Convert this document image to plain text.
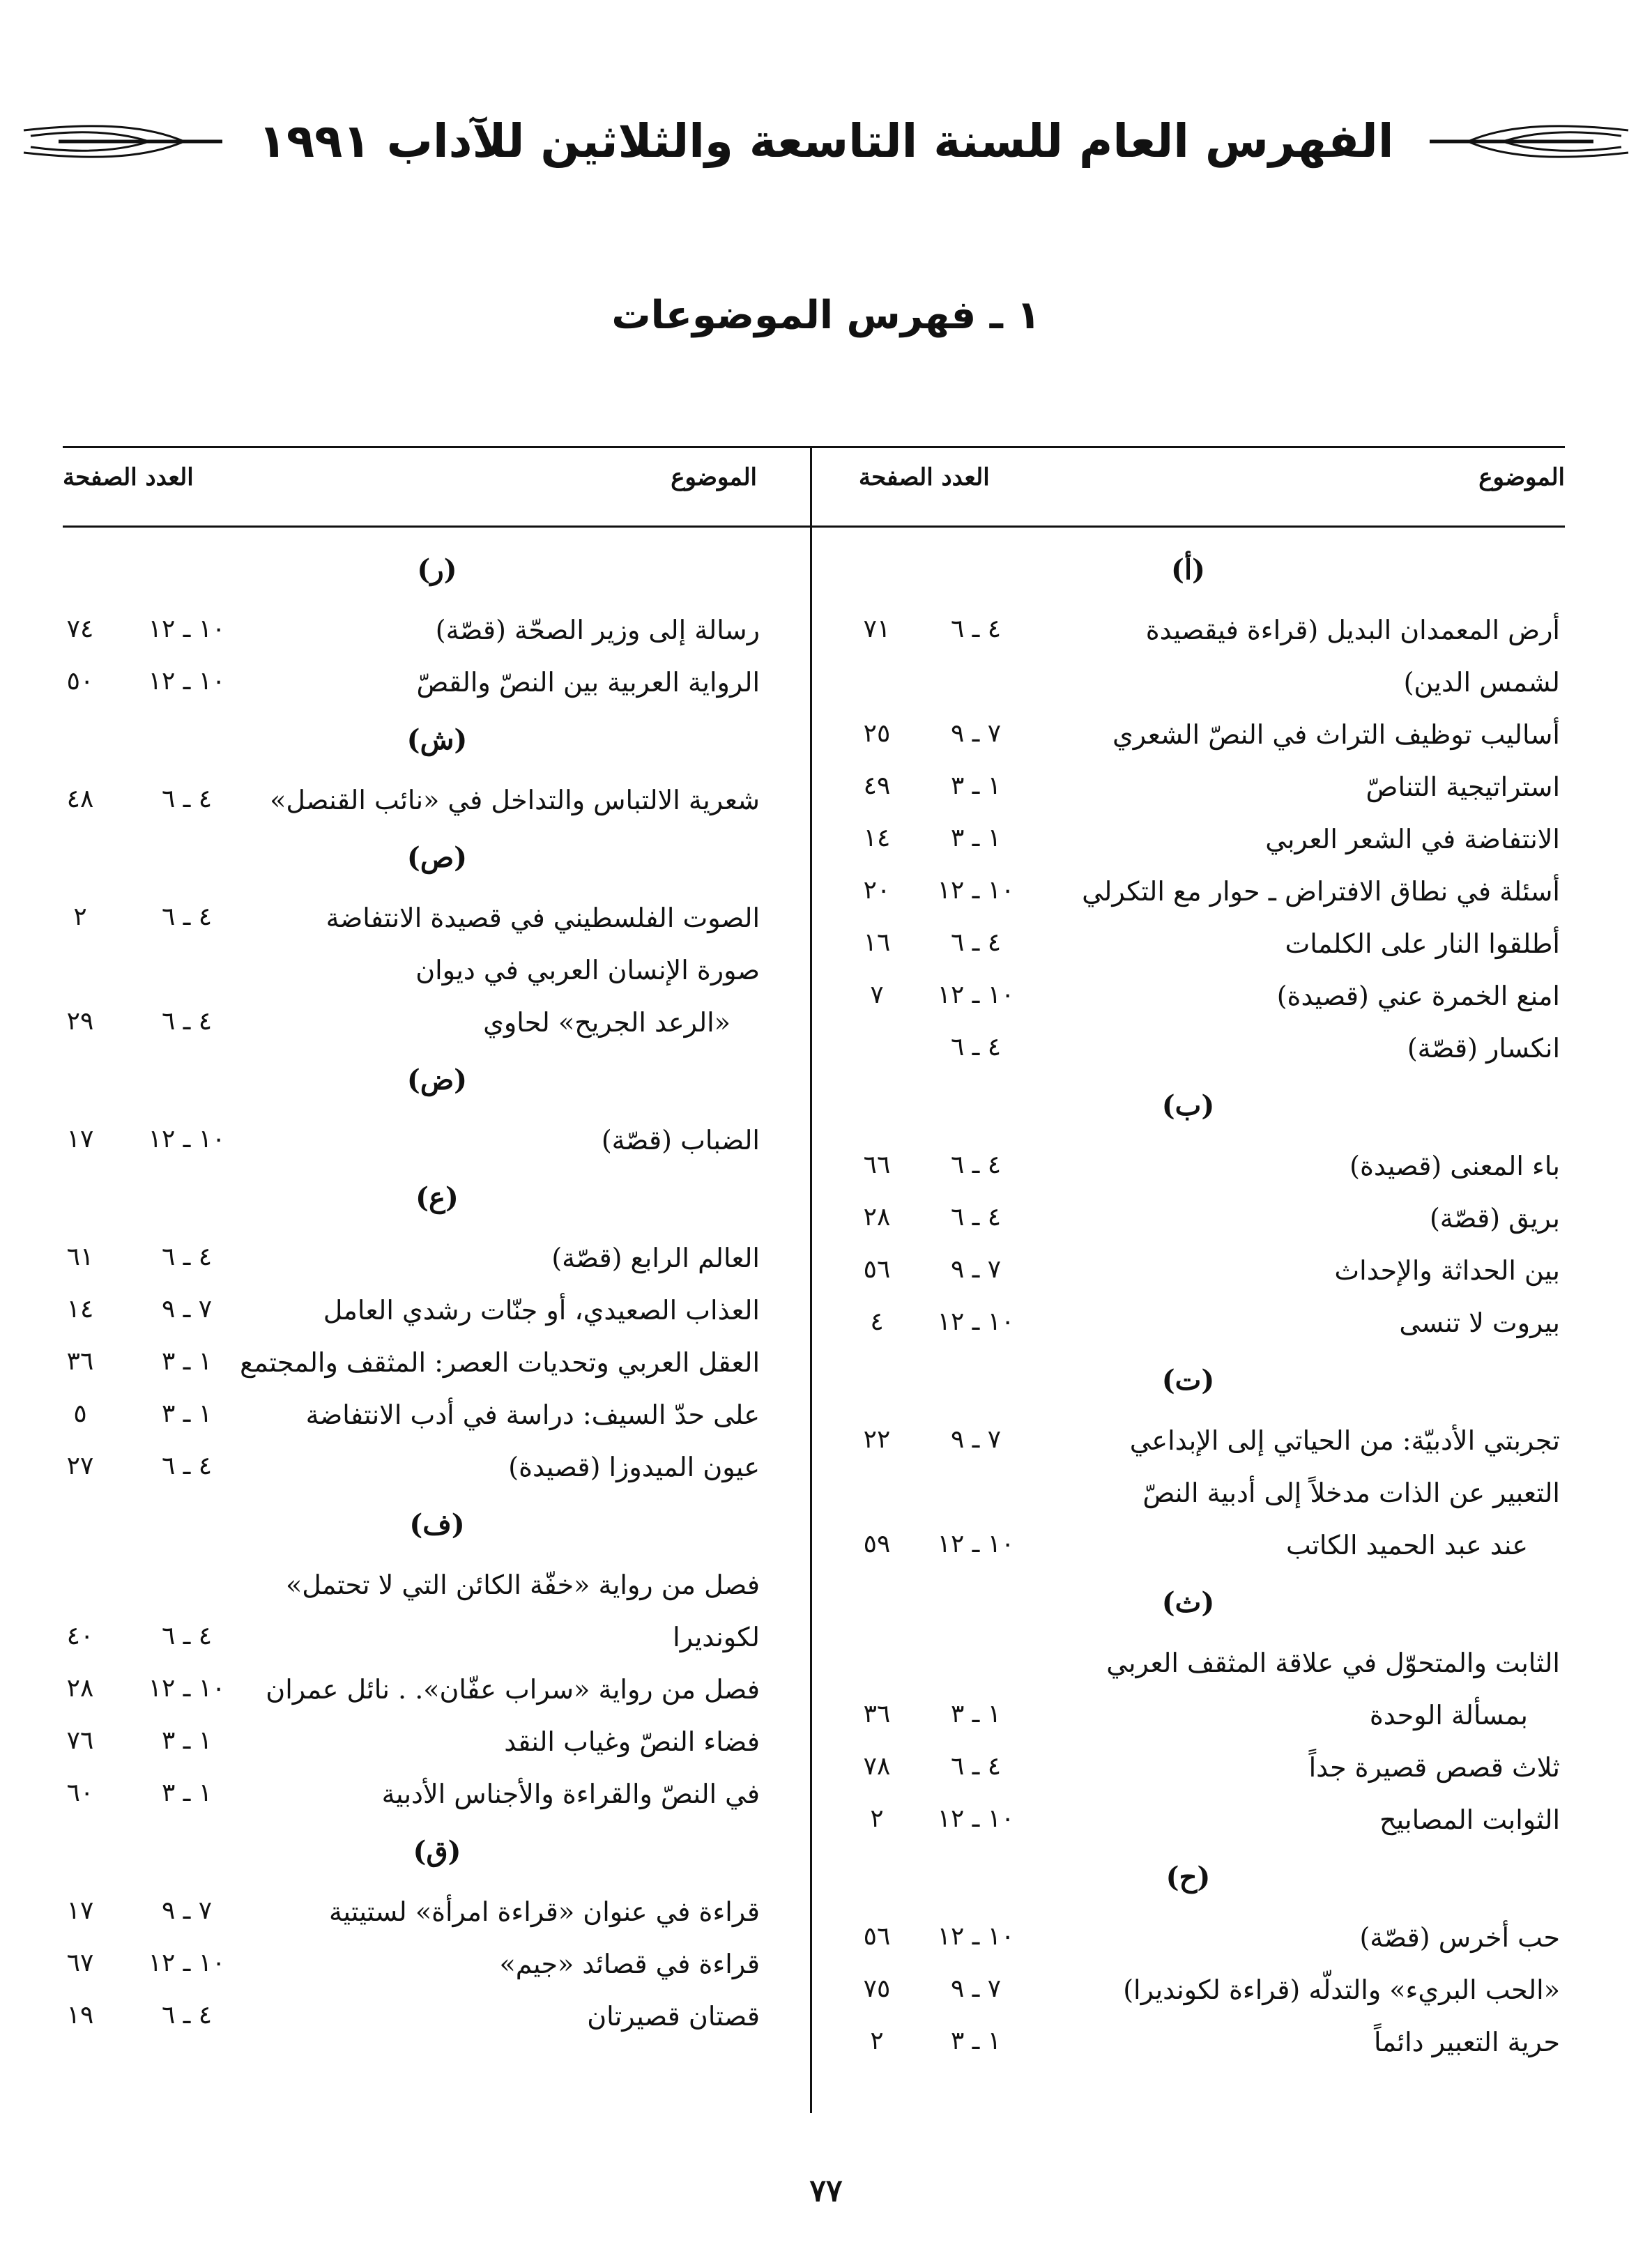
الفهرس العام للسنة التاسعة والثلاثين للآداب ١٩٩١
١ ـ فهرس الموضوعات
الموضوع
العدد الصفحة
الموضوع
العدد الصفحة
(أ)
أرض المعمدان البديل (قراءة فيقصيدة
٤ ـ ٦
٧١
لشمس الدين)
أساليب توظيف التراث في النصّ الشعري
٧ ـ ٩
٢٥
استراتيجية التناصّ
١ ـ ٣
٤٩
الانتفاضة في الشعر العربي
١ ـ ٣
١٤
أسئلة في نطاق الافتراض ـ حوار مع التكرلي
١٠ ـ ١٢
٢٠
أطلقوا النار على الكلمات
٤ ـ ٦
١٦
امنع الخمرة عني (قصيدة)
١٠ ـ ١٢
٧
انكسار (قصّة)
٤ ـ ٦
(ب)
باء المعنى (قصيدة)
٤ ـ ٦
٦٦
بريق (قصّة)
٤ ـ ٦
٢٨
بين الحداثة والإحداث
٧ ـ ٩
٥٦
بيروت لا تنسى
١٠ ـ ١٢
٤
(ت)
تجربتي الأدبيّة: من الحياتي إلى الإبداعي
٧ ـ ٩
٢٢
التعبير عن الذات مدخلاً إلى أدبية النصّ
عند عبد الحميد الكاتب
١٠ ـ ١٢
٥٩
(ث)
الثابت والمتحوّل في علاقة المثقف العربي
بمسألة الوحدة
١ ـ ٣
٣٦
ثلاث قصص قصيرة جداً
٤ ـ ٦
٧٨
الثوابت المصابيح
١٠ ـ ١٢
٢
(ح)
حب أخرس (قصّة)
١٠ ـ ١٢
٥٦
«الحب البريء» والتدلّه (قراءة لكونديرا)
٧ ـ ٩
٧٥
حرية التعبير دائماً
١ ـ ٣
٢
(ر)
رسالة إلى وزير الصحّة (قصّة)
١٠ ـ ١٢
٧٤
الرواية العربية بين النصّ والقصّ
١٠ ـ ١٢
٥٠
(ش)
شعرية الالتباس والتداخل في «نائب القنصل»
٤ ـ ٦
٤٨
(ص)
الصوت الفلسطيني في قصيدة الانتفاضة
٤ ـ ٦
٢
صورة الإنسان العربي في ديوان
«الرعد الجريح» لحاوي
٤ ـ ٦
٢٩
(ض)
الضباب (قصّة)
١٠ ـ ١٢
١٧
(ع)
العالم الرابع (قصّة)
٤ ـ ٦
٦١
العذاب الصعيدي، أو جنّات رشدي العامل
٧ ـ ٩
١٤
العقل العربي وتحديات العصر: المثقف والمجتمع
١ ـ ٣
٣٦
على حدّ السيف: دراسة في أدب الانتفاضة
١ ـ ٣
٥
عيون الميدوزا (قصيدة)
٤ ـ ٦
٢٧
(ف)
فصل من رواية «خفّة الكائن التي لا تحتمل»
لكونديرا
٤ ـ ٦
٤٠
فصل من رواية «سراب عفّان». . نائل عمران
١٠ ـ ١٢
٢٨
فضاء النصّ وغياب النقد
١ ـ ٣
٧٦
في النصّ والقراءة والأجناس الأدبية
١ ـ ٣
٦٠
(ق)
قراءة في عنوان «قراءة امرأة» لستيتية
٧ ـ ٩
١٧
قراءة في قصائد «جيم»
١٠ ـ ١٢
٦٧
قصتان قصيرتان
٤ ـ ٦
١٩
٧٧
